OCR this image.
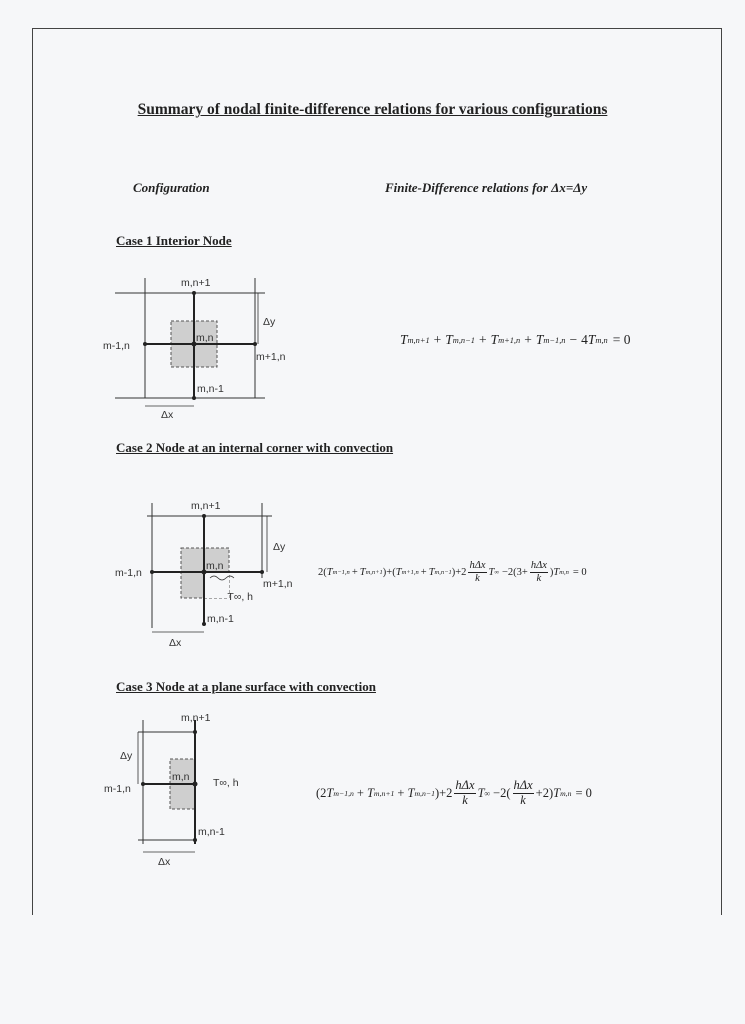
Summary of nodal finite-difference relations for various configurations
Configuration	Finite-Difference relations for Δx=Δy
Case 1 Interior Node
m,n+1
m-1,n
m,n
m+1,n
m,n-1
Δx
Δy
T m,n+1 + T m,n−1 + T m+1,n + T m−1,n − 4 T m,n = 0
Case 2 Node at an internal corner with convection
m,n+1
m-1,n
m,n
m+1,n
T∞, h
m,n-1
Δx
Δy
2( T m−1,n + T m,n+1 )+( T m+1,n + T m,n−1 )$+2 \frac{\text{hΔx}}{k}$ T ∞ $-2(3+ \frac{\text{hΔx}}{k}$ ) T m,n = 0
Case 3 Node at a plane surface with convection
m,n+1
Δy
m,n
m-1,n	T∞, h
m,n-1
Δx
(2 T m−1,n + T m,n+1 + T m,n−1 )$+2 \frac{\text{hΔx}}{k}$ T ∞ $-2( \frac{\text{hΔx}}{k} +2)$ T m,n = 0
